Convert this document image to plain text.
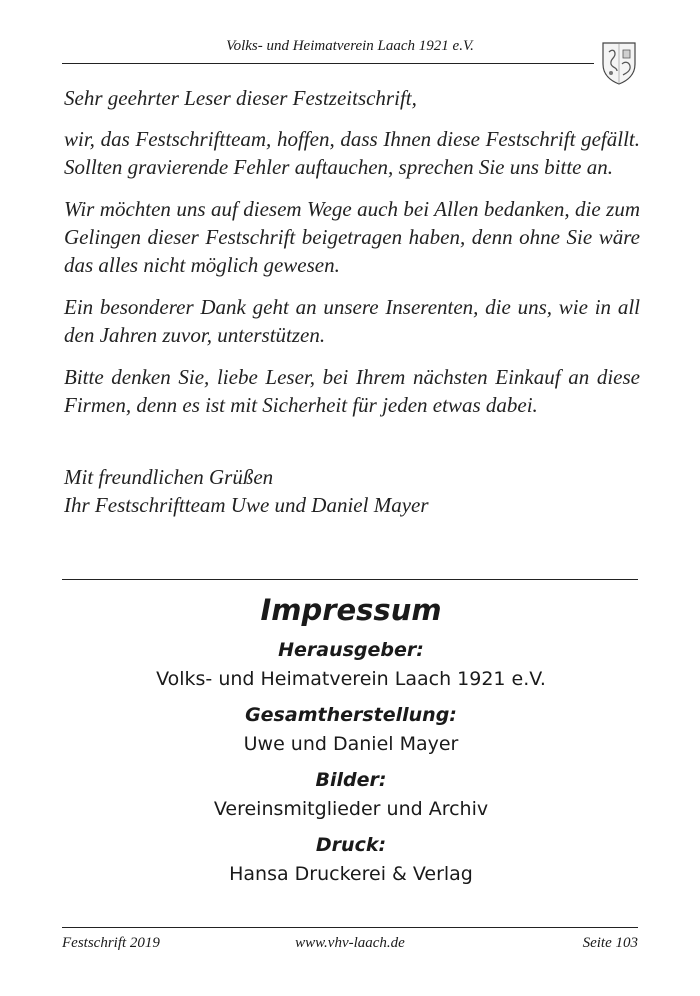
Volks- und Heimatverein Laach 1921 e.V.

Sehr geehrter Leser dieser Festzeitschrift,

wir, das Festschriftteam, hoffen, dass Ihnen diese Festschrift gefällt. Sollten gravierende Fehler auftauchen, sprechen Sie uns bitte an.

Wir möchten uns auf diesem Wege auch bei Allen bedanken, die zum Gelingen dieser Festschrift beigetragen haben, denn ohne Sie wäre das alles nicht möglich gewesen.

Ein besonderer Dank geht an unsere Inserenten, die uns, wie in all den Jahren zuvor, unterstützen.

Bitte denken Sie, liebe Leser, bei Ihrem nächsten Einkauf an diese Firmen, denn es ist mit Sicherheit für jeden etwas dabei.

Mit freundlichen Grüßen
Ihr Festschriftteam Uwe und Daniel Mayer
Impressum
Herausgeber:
Volks- und Heimatverein Laach 1921 e.V.
Gesamtherstellung:
Uwe und Daniel Mayer
Bilder:
Vereinsmitglieder und Archiv
Druck:
Hansa Druckerei & Verlag
Festschrift 2019	www.vhv-laach.de	Seite 103
